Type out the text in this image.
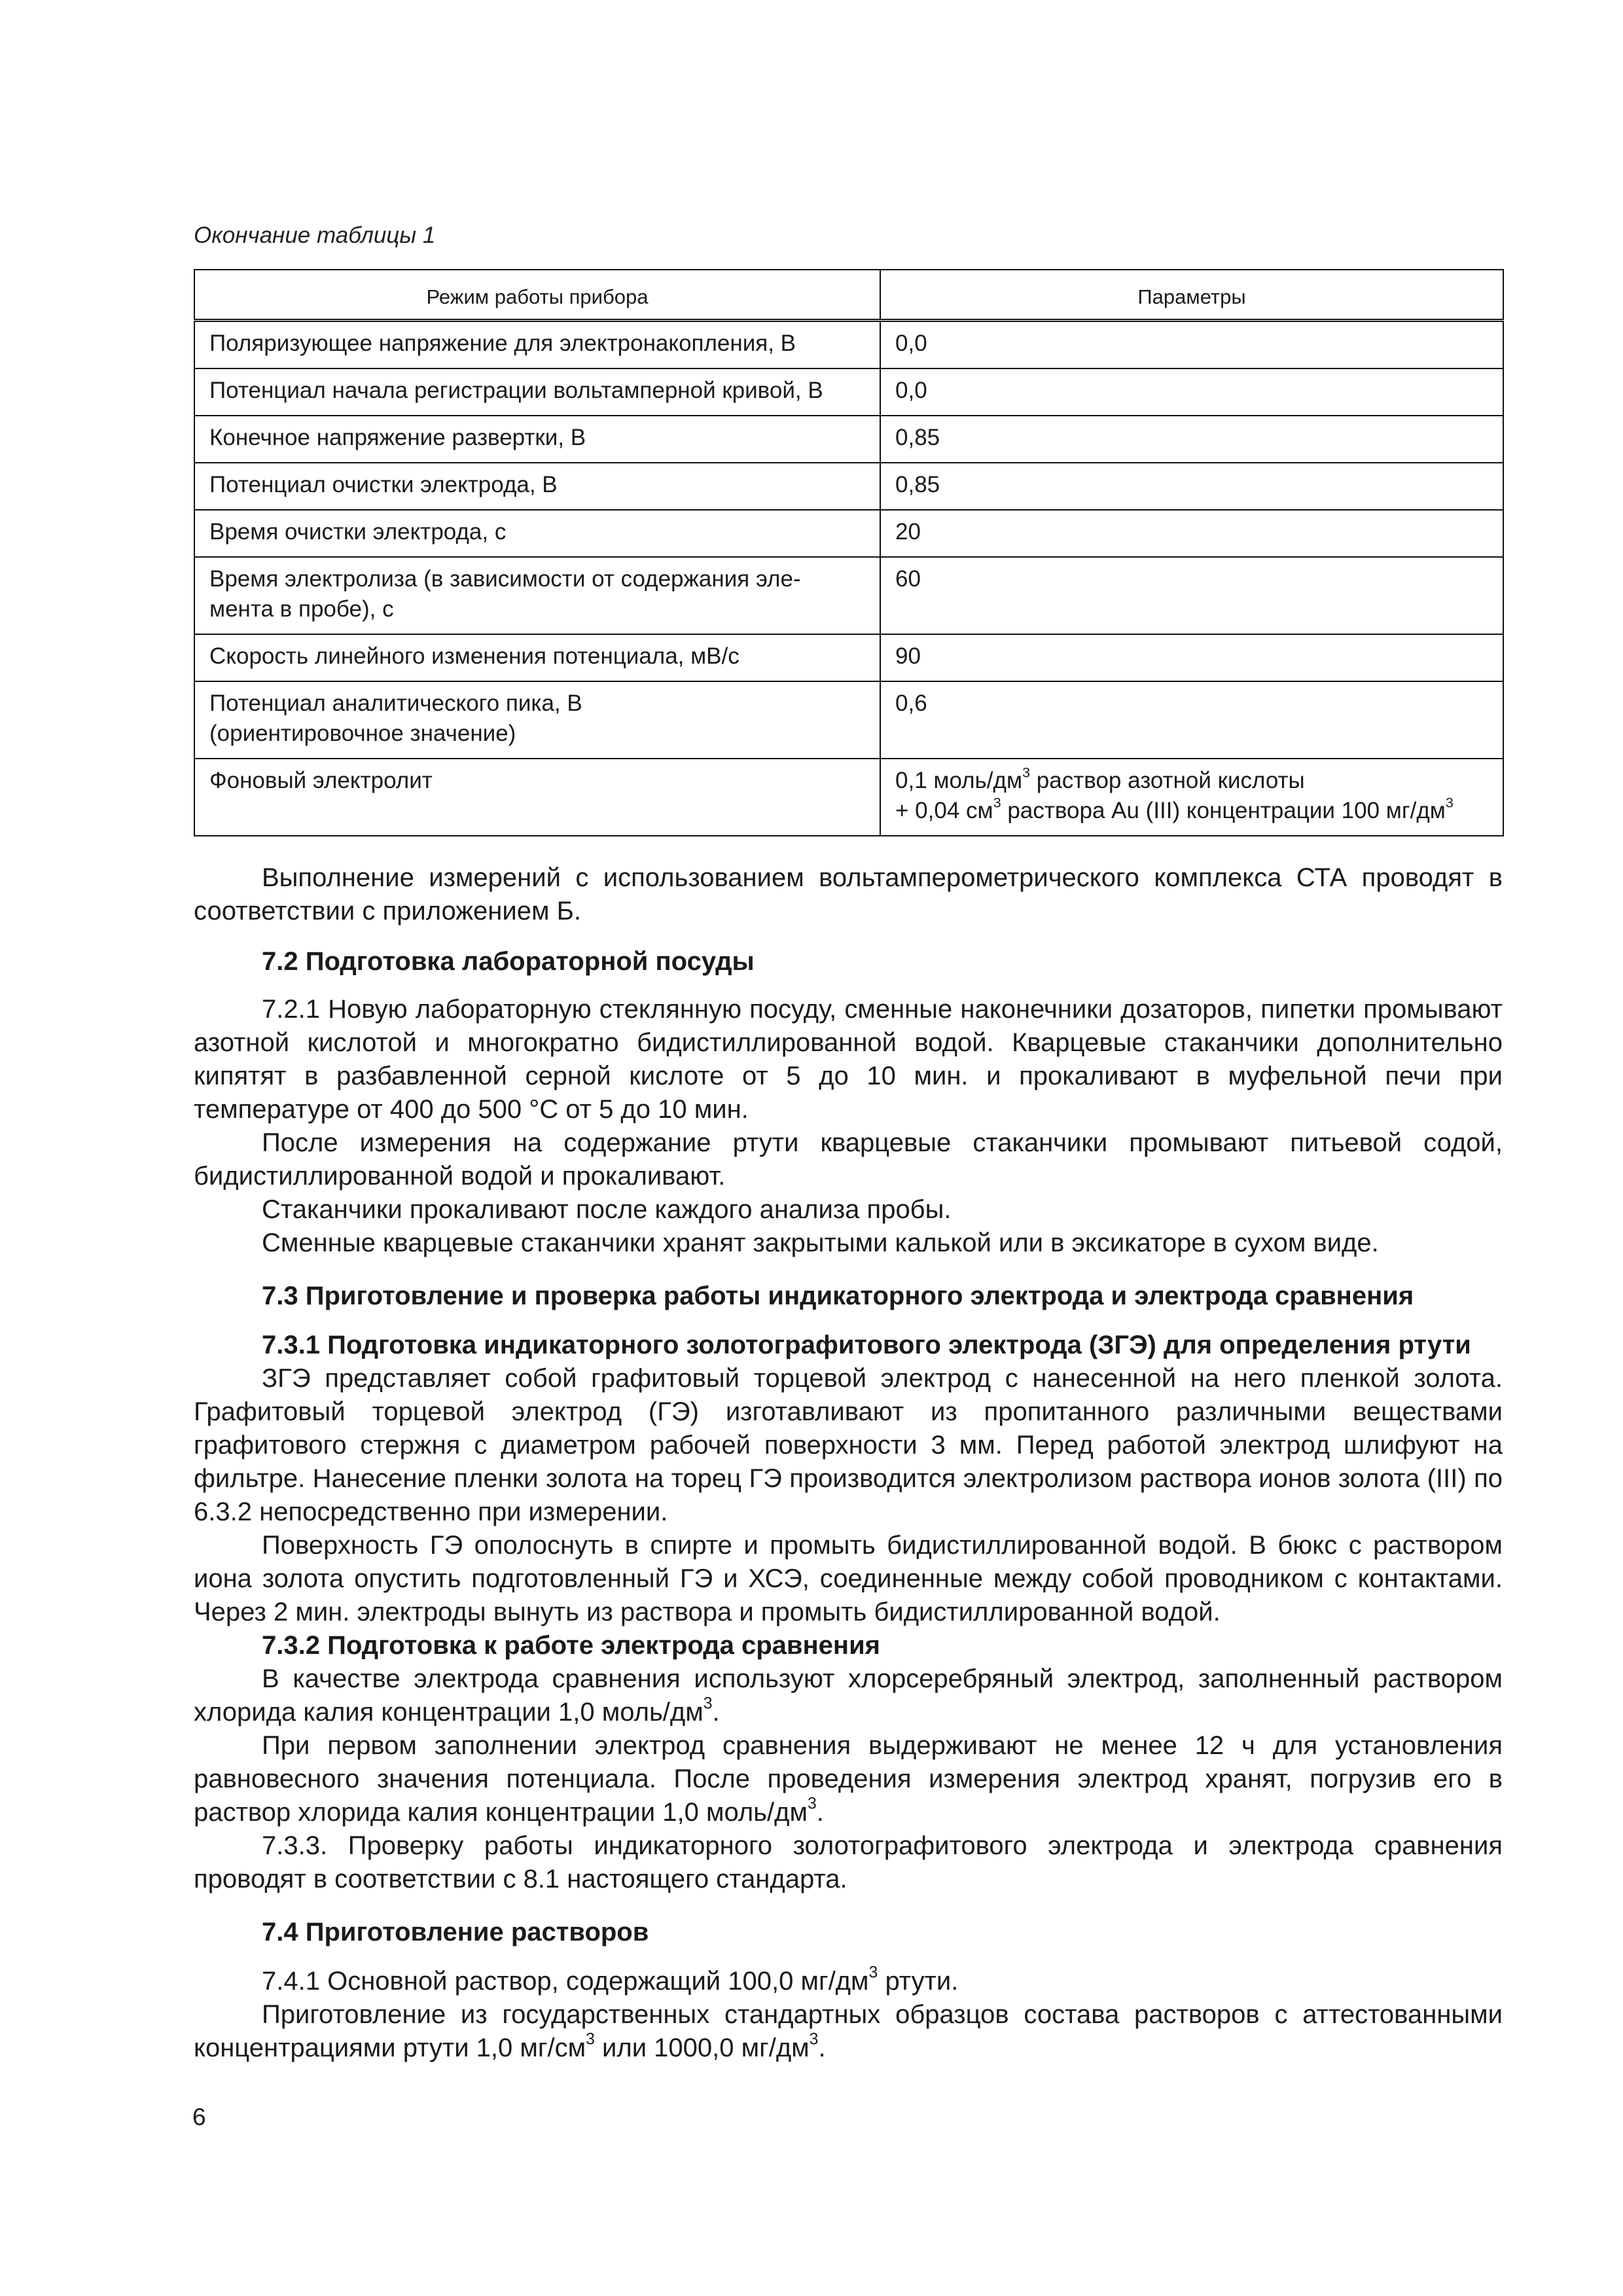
Окончание таблицы 1
Режим работы прибора	Параметры
Поляризующее напряжение для электронакопления, В	0,0
Потенциал начала регистрации вольтамперной кривой, В	0,0
Конечное напряжение развертки, В	0,85
Потенциал очистки электрода, В	0,85
Время очистки электрода, с	20
Время электролиза (в зависимости от содержания эле-
мента в пробе), с	60
Скорость линейного изменения потенциала, мВ/с	90
Потенциал аналитического пика, В
(ориентировочное значение)	0,6
Фоновый электролит	0,1 моль/$дм^3$ раствор азотной кислоты
+ 0,04 $см^3$ раствора Au (III) концентрации 100 $мг/дм^3$

Выполнение измерений с использованием вольтамперометрического комплекса СТА проводят в соответствии с приложением Б.

7.2 Подготовка лабораторной посуды

7.2.1 Новую лабораторную стеклянную посуду, сменные наконечники дозаторов, пипетки промывают азотной кислотой и многократно бидистиллированной водой. Кварцевые стаканчики дополнительно кипятят в разбавленной серной кислоте от 5 до 10 мин. и прокаливают в муфельной печи при температуре от 400 до 500 °С от 5 до 10 мин.

После измерения на содержание ртути кварцевые стаканчики промывают питьевой содой, бидистиллированной водой и прокаливают.

Стаканчики прокаливают после каждого анализа пробы.

Сменные кварцевые стаканчики хранят закрытыми калькой или в эксикаторе в сухом виде.

7.3 Приготовление и проверка работы индикаторного электрода и электрода сравнения

7.3.1 Подготовка индикаторного золотографитового электрода (ЗГЭ) для определения ртути

ЗГЭ представляет собой графитовый торцевой электрод с нанесенной на него пленкой золота. Графитовый торцевой электрод (ГЭ) изготавливают из пропитанного различными веществами графитового стержня с диаметром рабочей поверхности 3 мм. Перед работой электрод шлифуют на фильтре. Нанесение пленки золота на торец ГЭ производится электролизом раствора ионов золота (III) по 6.3.2 непосредственно при измерении.

Поверхность ГЭ ополоснуть в спирте и промыть бидистиллированной водой. В бюкс с раствором иона золота опустить подготовленный ГЭ и ХСЭ, соединенные между собой проводником с контактами. Через 2 мин. электроды вынуть из раствора и промыть бидистиллированной водой.

7.3.2 Подготовка к работе электрода сравнения

В качестве электрода сравнения используют хлорсеребряный электрод, заполненный раствором хлорида калия концентрации 1,0 моль/$дм^3$.

При первом заполнении электрод сравнения выдерживают не менее 12 ч для установления равновесного значения потенциала. После проведения измерения электрод хранят, погрузив его в раствор хлорида калия концентрации 1,0 моль/$дм^3$.

7.3.3. Проверку работы индикаторного золотографитового электрода и электрода сравнения проводят в соответствии с 8.1 настоящего стандарта.

7.4 Приготовление растворов

7.4.1 Основной раствор, содержащий 100,0 $мг/дм^3$ ртути.

Приготовление из государственных стандартных образцов состава растворов с аттестованными концентрациями ртути 1,0 $мг/см^3$ или 1000,0 $мг/дм^3$.

6
